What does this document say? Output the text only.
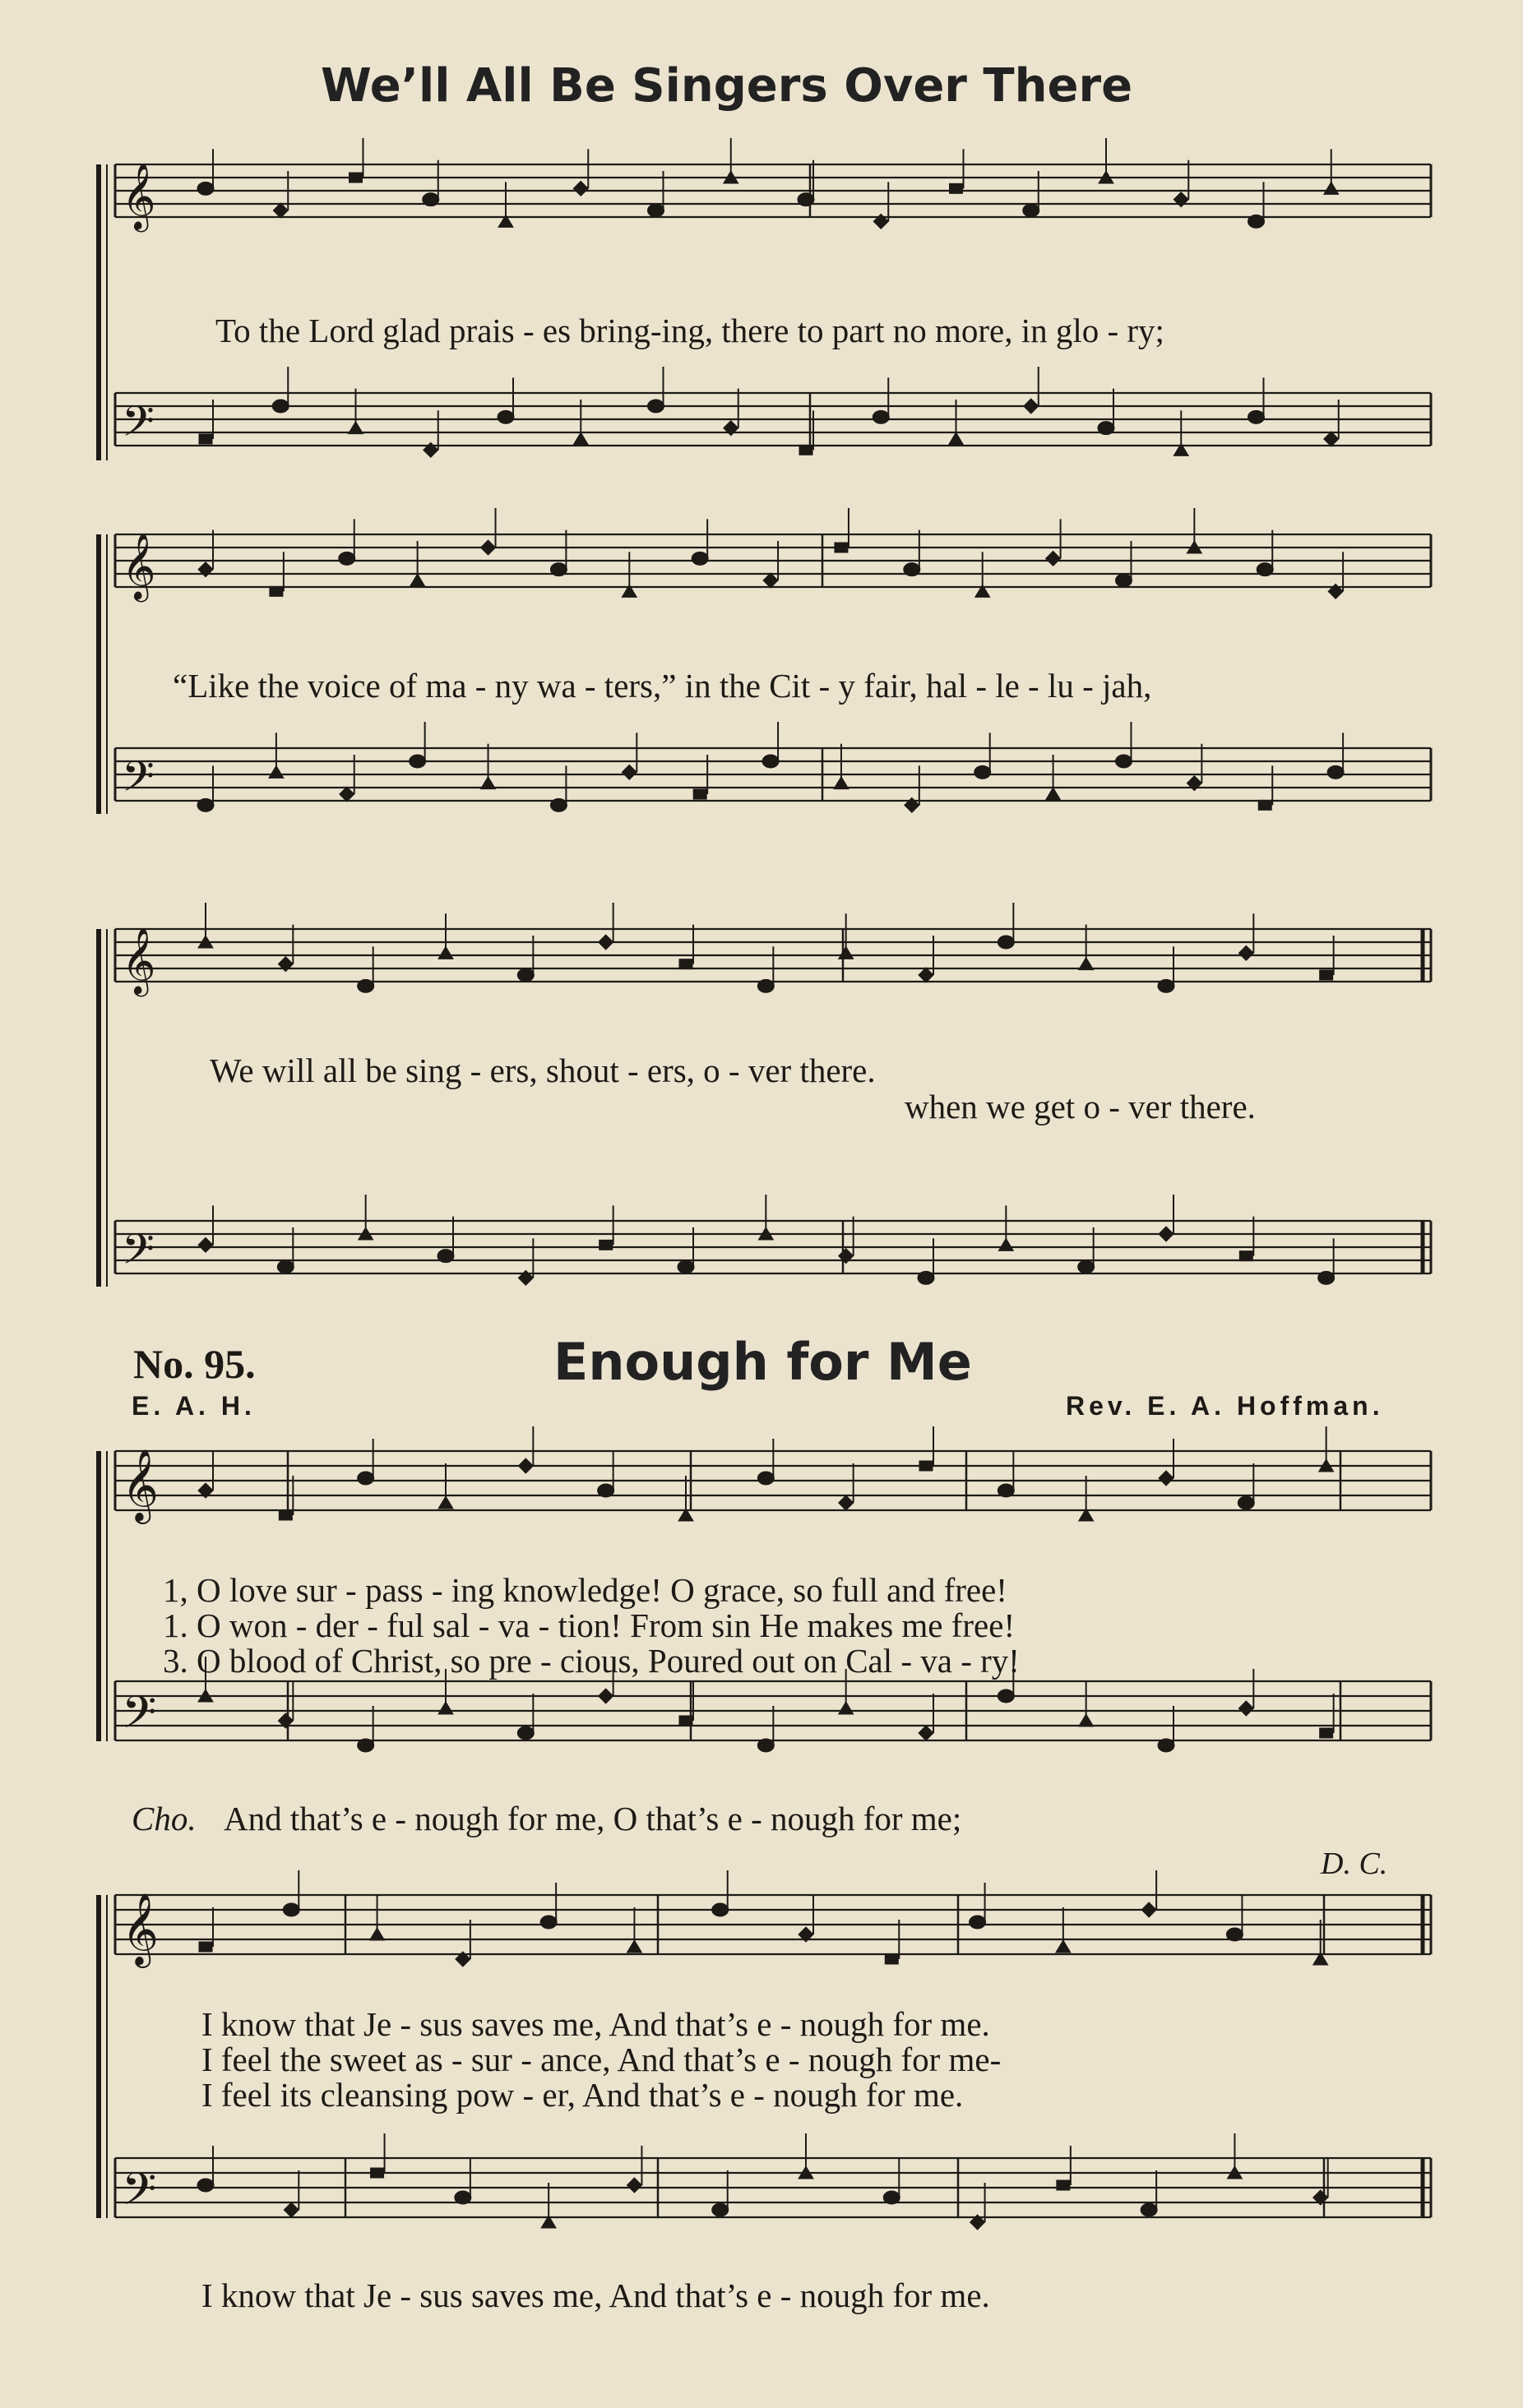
We’ll All Be Singers Over There
𝄞
𝄢
𝄞
𝄢
𝄞
𝄢
𝄞
𝄢
𝄞
𝄢
To the Lord glad prais - es bring-ing, there to part no more, in glo - ry;
“Like the voice of ma - ny wa - ters,” in the Cit - y fair, hal - le - lu - jah,
We will all be sing - ers, shout - ers, o - ver there.
when we get o - ver there.
No. 95.	Enough for Me
E. A. H.	Rev. E. A. Hoffman.
1, O love sur - pass - ing knowledge! O grace, so full and free!
1. O won - der - ful sal - va - tion! From sin He makes me free!
3. O blood of Christ, so pre - cious, Poured out on Cal - va - ry!
Cho. And that’s e - nough for me, O that’s e - nough for me;
D. C.
I know that Je - sus saves me, And that’s e - nough for me.
I feel the sweet as - sur - ance, And that’s e - nough for me-
I feel its cleansing pow - er, And that’s e - nough for me.
I know that Je - sus saves me, And that’s e - nough for me.
